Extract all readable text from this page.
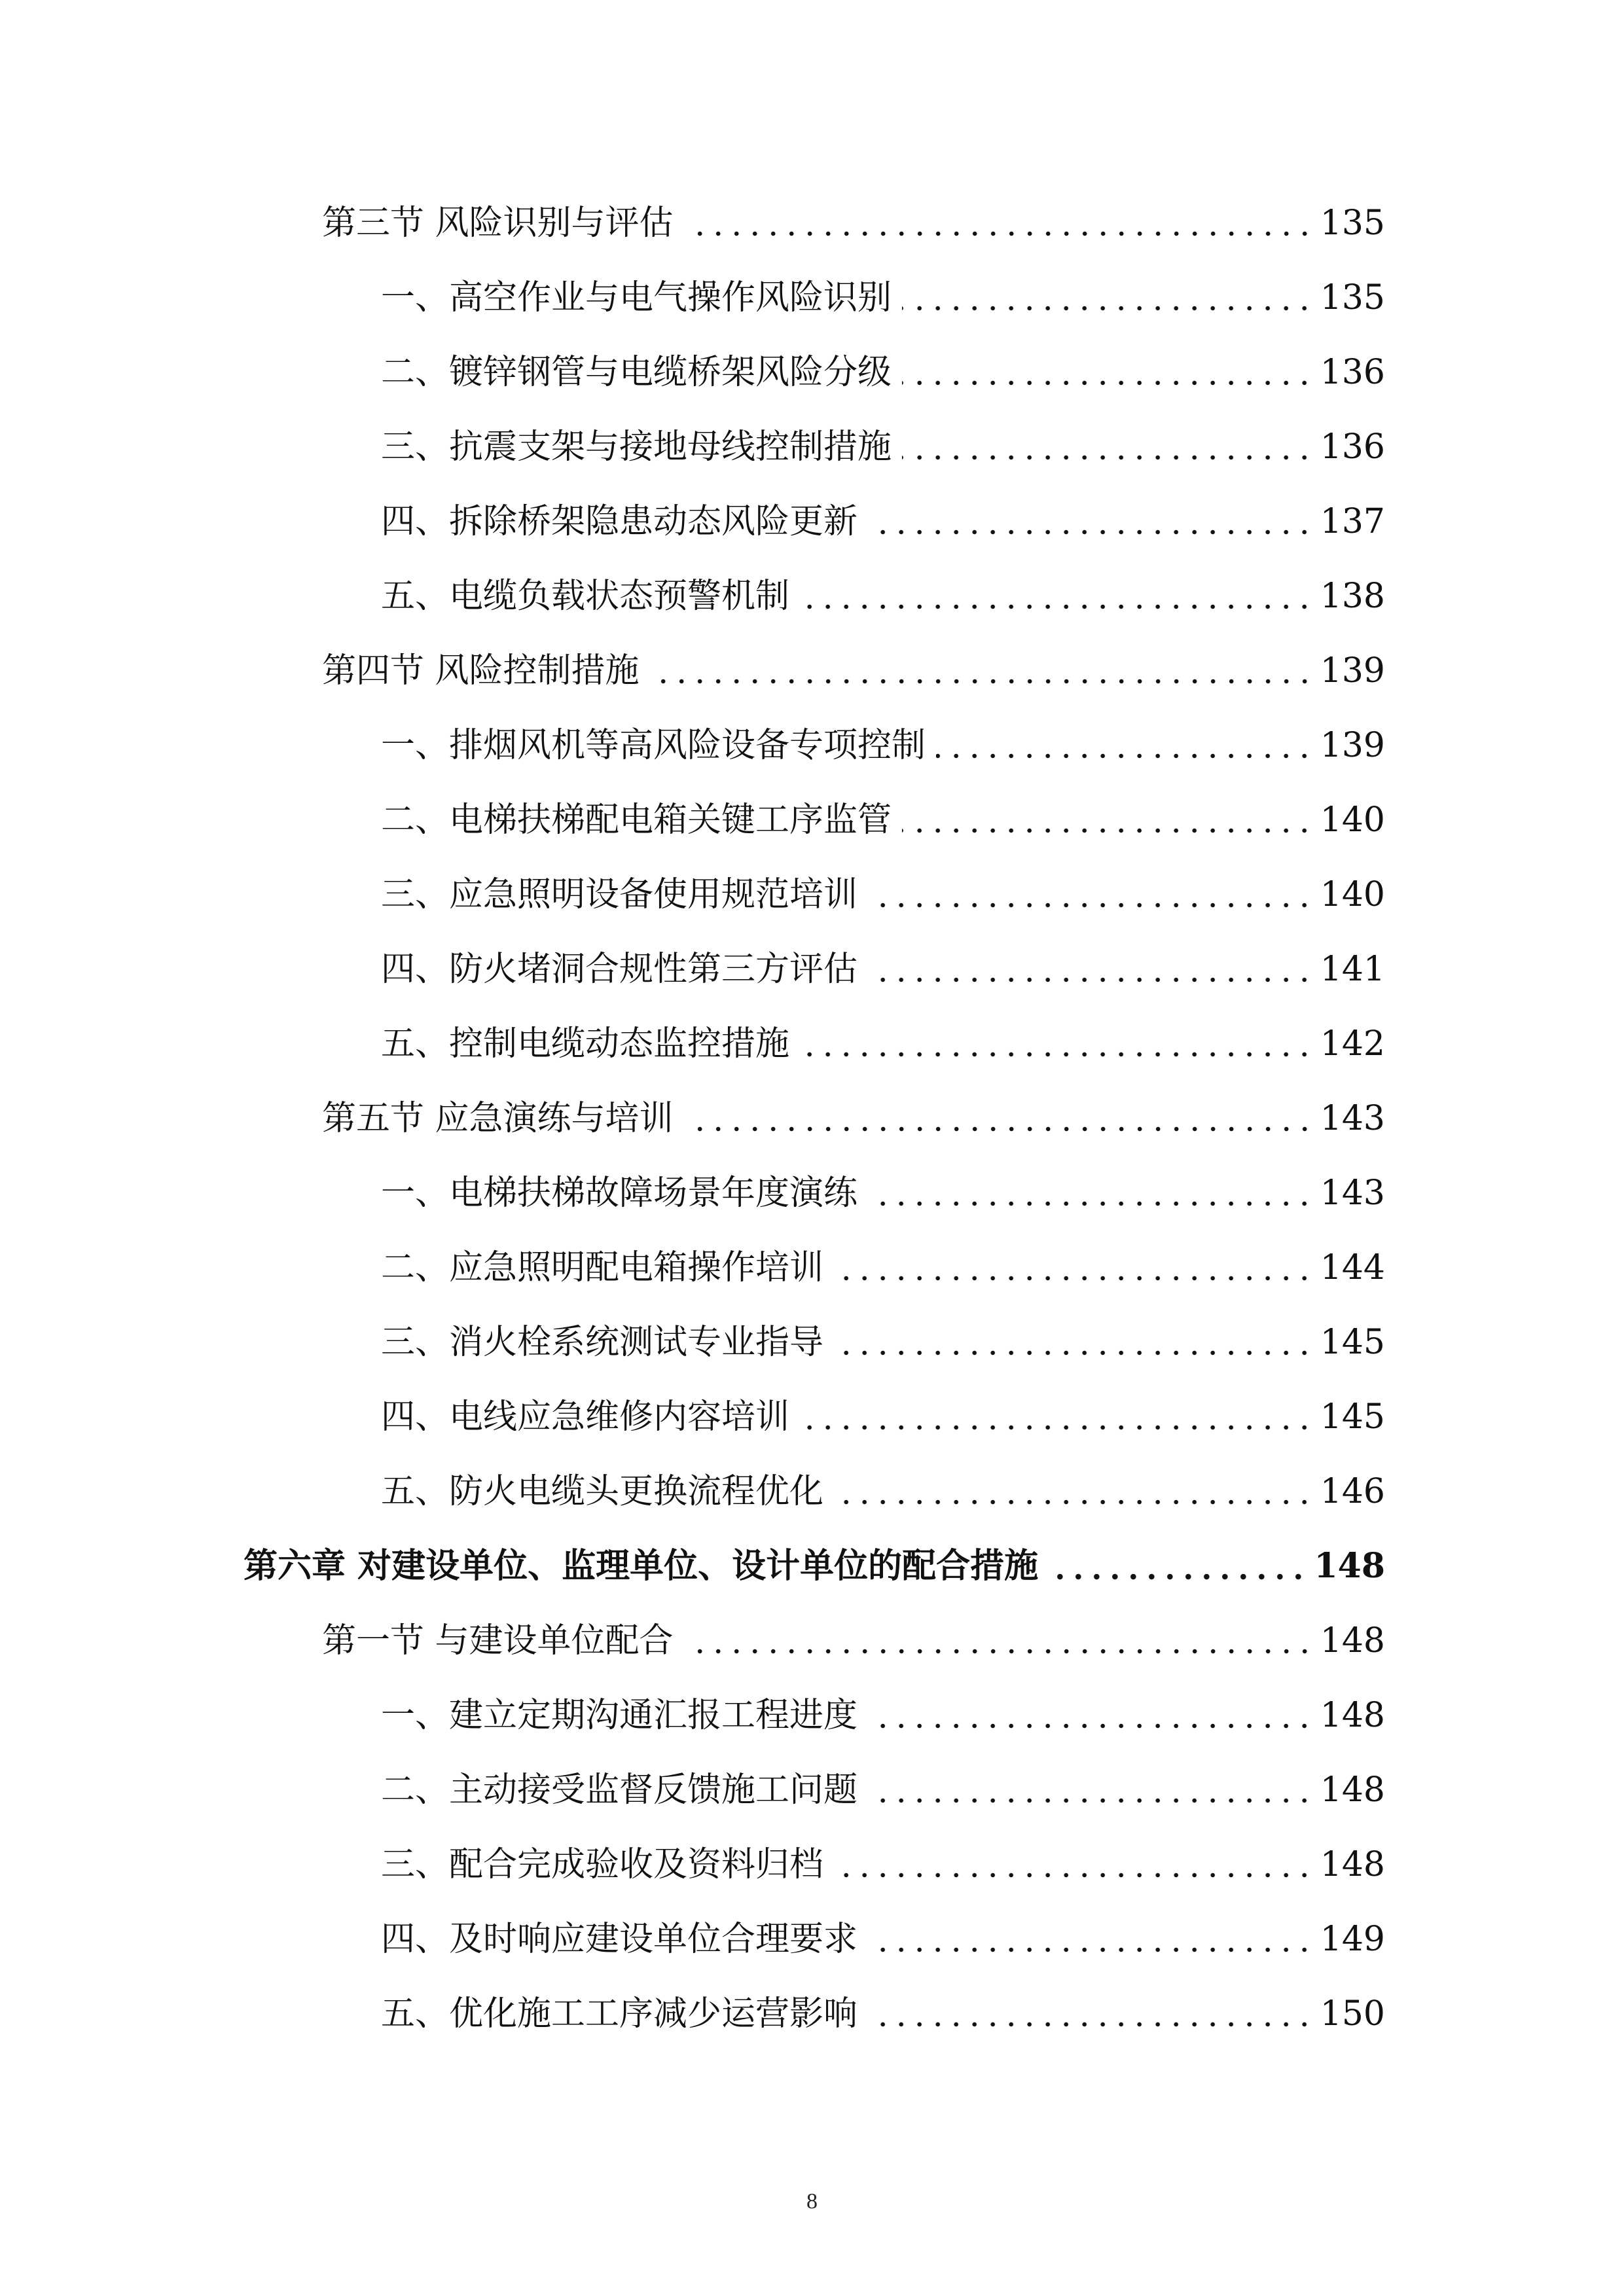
第三节 风险识别与评估	135
一、高空作业与电气操作风险识别	135
二、镀锌钢管与电缆桥架风险分级	136
三、抗震支架与接地母线控制措施	136
四、拆除桥架隐患动态风险更新	137
五、电缆负载状态预警机制	138
第四节 风险控制措施	139
一、排烟风机等高风险设备专项控制	139
二、电梯扶梯配电箱关键工序监管	140
三、应急照明设备使用规范培训	140
四、防火堵洞合规性第三方评估	141
五、控制电缆动态监控措施	142
第五节 应急演练与培训	143
一、电梯扶梯故障场景年度演练	143
二、应急照明配电箱操作培训	144
三、消火栓系统测试专业指导	145
四、电线应急维修内容培训	145
五、防火电缆头更换流程优化	146
第六章 对建设单位、监理单位、设计单位的配合措施	148
第一节 与建设单位配合	148
一、建立定期沟通汇报工程进度	148
二、主动接受监督反馈施工问题	148
三、配合完成验收及资料归档	148
四、及时响应建设单位合理要求	149
五、优化施工工序减少运营影响	150
8
